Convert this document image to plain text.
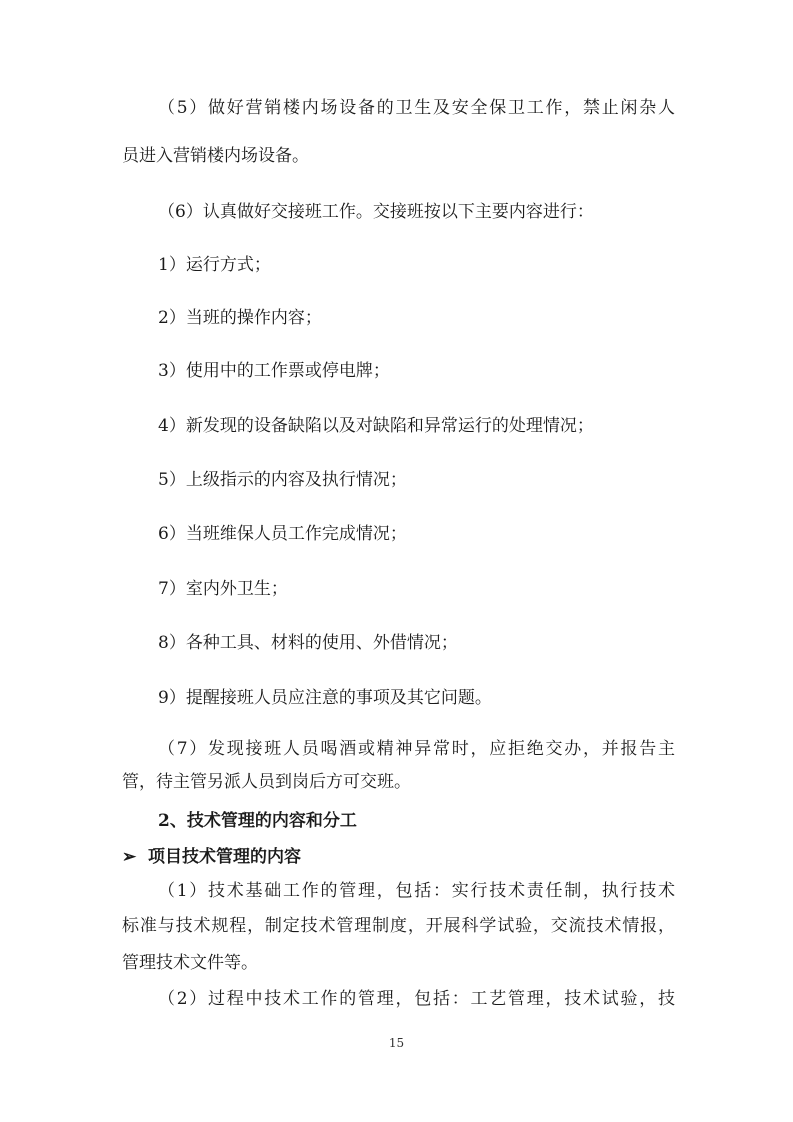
（5）做好营销楼内场设备的卫生及安全保卫工作，禁止闲杂人
员进入营销楼内场设备。
（6）认真做好交接班工作。交接班按以下主要内容进行：
1）运行方式；
2）当班的操作内容；
3）使用中的工作票或停电牌；
4）新发现的设备缺陷以及对缺陷和异常运行的处理情况；
5）上级指示的内容及执行情况；
6）当班维保人员工作完成情况；
7）室内外卫生；
8）各种工具、材料的使用、外借情况；
9）提醒接班人员应注意的事项及其它问题。
（7）发现接班人员喝酒或精神异常时，应拒绝交办，并报告主
管，待主管另派人员到岗后方可交班。
2、技术管理的内容和分工
➢ 项目技术管理的内容
（1）技术基础工作的管理，包括：实行技术责任制，执行技术
标准与技术规程，制定技术管理制度，开展科学试验，交流技术情报，
管理技术文件等。
（2）过程中技术工作的管理，包括：工艺管理，技术试验，技
15
